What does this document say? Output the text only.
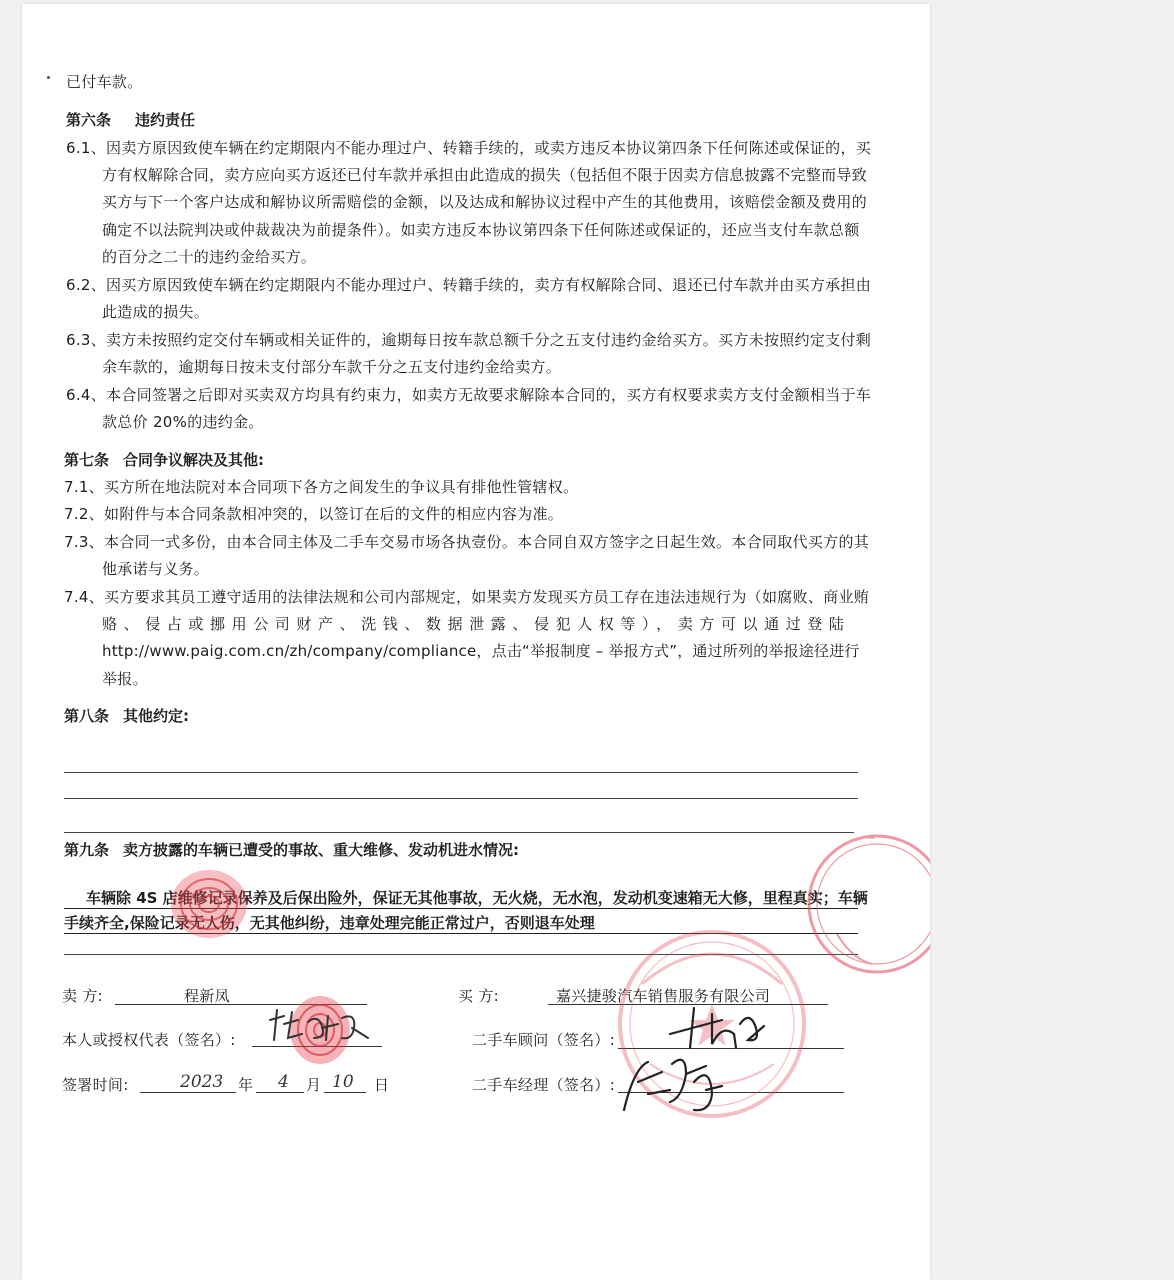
已付车款。
第六条 违约责任
6.1、因卖方原因致使车辆在约定期限内不能办理过户、转籍手续的，或卖方违反本协议第四条下任何陈述或保证的，买
方有权解除合同，卖方应向买方返还已付车款并承担由此造成的损失（包括但不限于因卖方信息披露不完整而导致
买方与下一个客户达成和解协议所需赔偿的金额，以及达成和解协议过程中产生的其他费用，该赔偿金额及费用的
确定不以法院判决或仲裁裁决为前提条件）。如卖方违反本协议第四条下任何陈述或保证的，还应当支付车款总额
的百分之二十的违约金给买方。
6.2、因买方原因致使车辆在约定期限内不能办理过户、转籍手续的，卖方有权解除合同、退还已付车款并由买方承担由
此造成的损失。
6.3、卖方未按照约定交付车辆或相关证件的，逾期每日按车款总额千分之五支付违约金给买方。买方未按照约定支付剩
余车款的，逾期每日按未支付部分车款千分之五支付违约金给卖方。
6.4、本合同签署之后即对买卖双方均具有约束力，如卖方无故要求解除本合同的，买方有权要求卖方支付金额相当于车
款总价 20%的违约金。
第七条 合同争议解决及其他:
7.1、买方所在地法院对本合同项下各方之间发生的争议具有排他性管辖权。
7.2、如附件与本合同条款相冲突的，以签订在后的文件的相应内容为准。
7.3、本合同一式多份，由本合同主体及二手车交易市场各执壹份。本合同自双方签字之日起生效。本合同取代买方的其
他承诺与义务。
7.4、买方要求其员工遵守适用的法律法规和公司内部规定，如果卖方发现买方员工存在违法违规行为（如腐败、商业贿
赂、侵占或挪用公司财产、洗钱、数据泄露、侵犯人权等），卖方可以通过登陆
http://www.paig.com.cn/zh/company/compliance，点击“举报制度 – 举报方式”，通过所列的举报途径进行
举报。
第八条 其他约定:
第九条 卖方披露的车辆已遭受的事故、重大维修、发动机进水情况:
车辆除 4S 店维修记录保养及后保出险外，保证无其他事故，无火烧，无水泡，发动机变速箱无大修，里程真实；车辆
手续齐全,保险记录无人伤，无其他纠纷，违章处理完能正常过户，否则退车处理
卖 方:	程新凤
本人或授权代表（签名）:
签署时间:	2023 年 4 月 10 日
买 方:	嘉兴捷骏汽车销售服务有限公司
二手车顾问（签名）:
二手车经理（签名）:
